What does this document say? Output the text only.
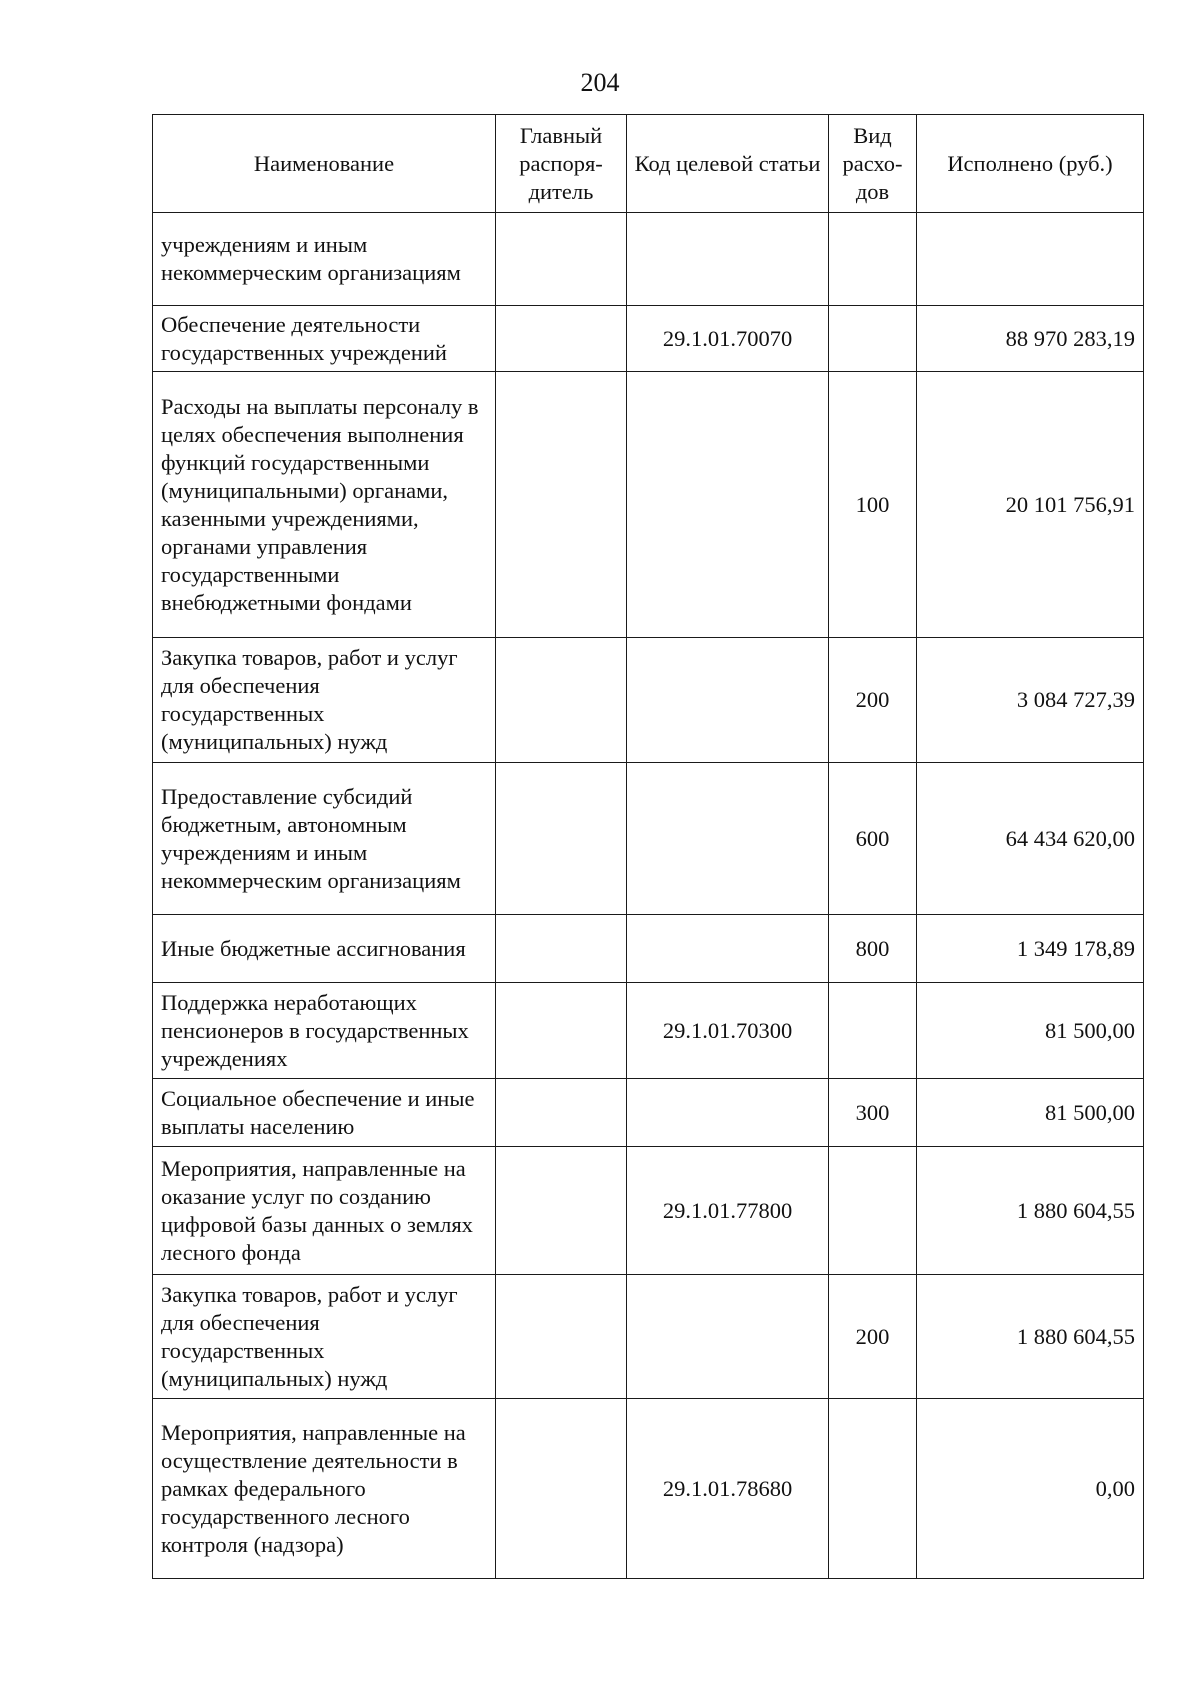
204
Наименование	Главный распоря-дитель	Код целевой статьи	Вид расхо-дов	Исполнено (руб.)
учреждениям и иным некоммерческим организациям				
Обеспечение деятельности государственных учреждений		29.1.01.70070		88 970 283,19
Расходы на выплаты персоналу в целях обеспечения выполнения функций государственными (муниципальными) органами, казенными учреждениями, органами управления государственными внебюджетными фондами			100	20 101 756,91
Закупка товаров, работ и услуг для обеспечения государственных (муниципальных) нужд			200	3 084 727,39
Предоставление субсидий бюджетным, автономным учреждениям и иным некоммерческим организациям			600	64 434 620,00
Иные бюджетные ассигнования			800	1 349 178,89
Поддержка неработающих пенсионеров в государственных учреждениях		29.1.01.70300		81 500,00
Социальное обеспечение и иные выплаты населению			300	81 500,00
Мероприятия, направленные на оказание услуг по созданию цифровой базы данных о землях лесного фонда		29.1.01.77800		1 880 604,55
Закупка товаров, работ и услуг для обеспечения государственных (муниципальных) нужд			200	1 880 604,55
Мероприятия, направленные на осуществление деятельности в рамках федерального государственного лесного контроля (надзора)		29.1.01.78680		0,00
